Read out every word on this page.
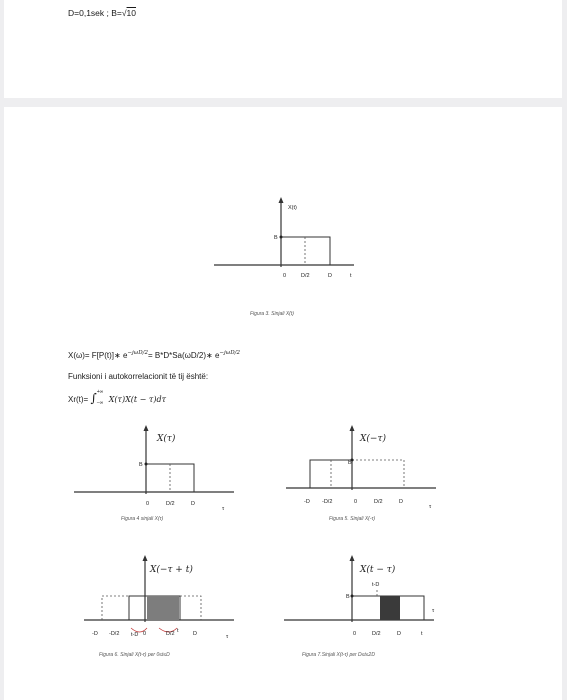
D=0,1sek ; B=√10
X(t)
B
0	D/2	D	t
Figura 3. Sinjali X(t)
X(ω)= F[P(t)]∗ $e^{-j\omega D/2}=$ B*D*Sa(ωD/2)∗ $e^{-j\omega D/2}$
Funksioni i autokorrelacionit të tij është:
Xr(t)= ∫ +∞
−∞ X(τ)X(t − τ)dτ
X(τ)
B
0	D/2	D
τ
Figura 4 sinjali X(τ)
X(−τ)
B
-D -D/2	0	D/2	D
τ
Figura 5. Sinjali X(-τ)
X(−τ + t)
-D -D/2 t-D 0	D/2 t	D	τ
Figura 6. Sinjali X(t-τ) per 0≤t≤D
X(t − τ)
t-D
B
0	D/2	D	t
τ
Figura 7.Sinjali X(t-τ) per D≤t≤2D
